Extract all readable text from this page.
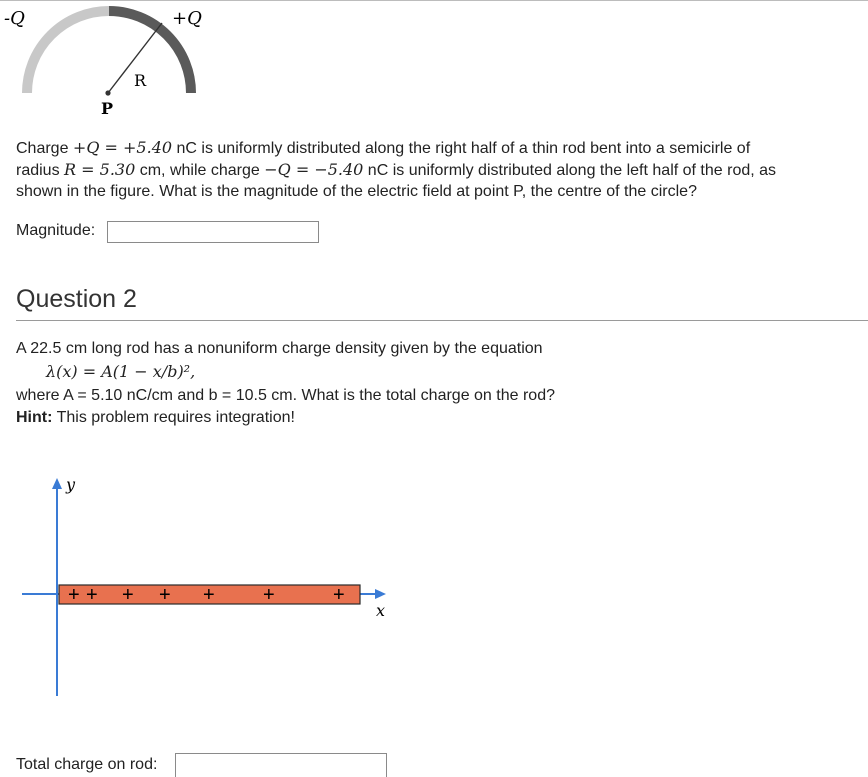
-Q	+Q
R
P
Charge +Q = +5.40 nC is uniformly distributed along the right half of a thin rod bent into a semicirle of
radius R = 5.30 cm, while charge −Q = −5.40 nC is uniformly distributed along the left half of the rod, as
shown in the figure. What is the magnitude of the electric field at point P, the centre of the circle?
Magnitude:
Question 2
A 22.5 cm long rod has a nonuniform charge density given by the equation
λ(x) = A(1 − x/b)²,
where A = 5.10 nC/cm and b = 10.5 cm. What is the total charge on the rod?
Hint: This problem requires integration!
y
x
+ + + + + +	+
Total charge on rod:
